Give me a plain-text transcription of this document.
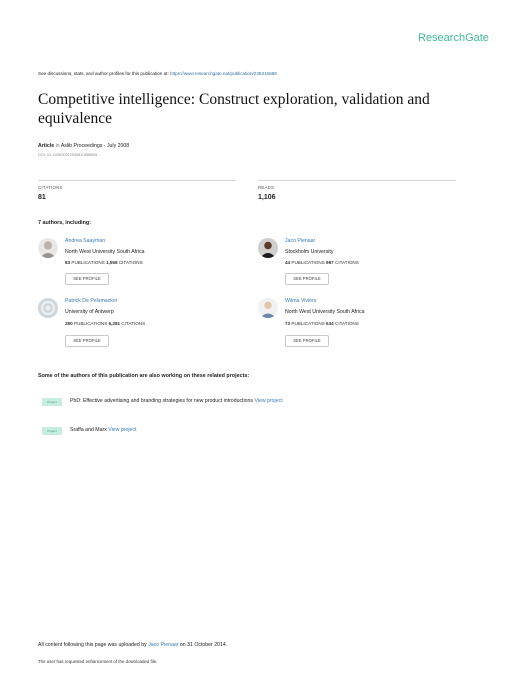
ResearchGate
See discussions, stats, and author profiles for this publication at: https://www.researchgate.net/publication/235316688
Competitive intelligence: Construct exploration, validation and equivalence
Article in Aslib Proceedings · July 2008
DOI: 10.1108/00012530810888005
CITATIONS
81
READS
1,106
7 authors, including:
Andrea Saayman
North West University South Africa
83 PUBLICATIONS 1,558 CITATIONS
SEE PROFILE
Jaco Pienaar
Stockholm University
44 PUBLICATIONS 987 CITATIONS
SEE PROFILE
Patrick De Pelsmacker
University of Antwerp
280 PUBLICATIONS 6,281 CITATIONS
SEE PROFILE
Wilma Viviers
North West University South Africa
73 PUBLICATIONS 634 CITATIONS
SEE PROFILE
Some of the authors of this publication are also working on these related projects:
Project	PhD: Effective advertising and branding strategies for new product introductions View project
Project	Sraffa and Marx View project
All content following this page was uploaded by Jaco Pienaar on 31 October 2014.
The user has requested enhancement of the downloaded file.
